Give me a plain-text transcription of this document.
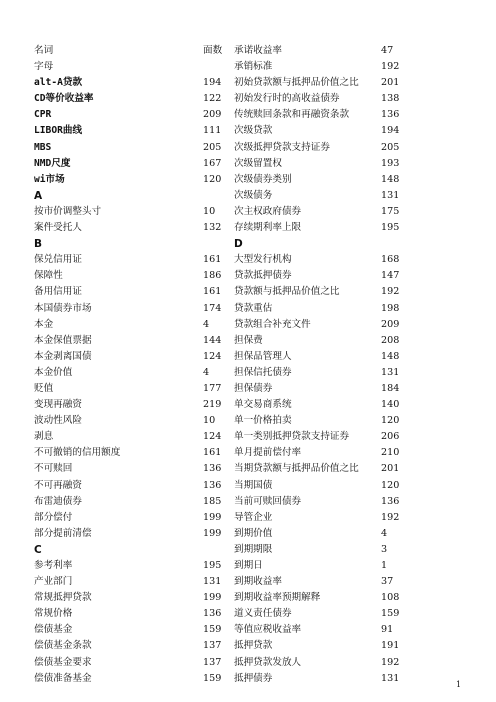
名词	面数
字母
alt-A贷款	194
CD等价收益率	122
CPR	209
LIBOR曲线	111
MBS	205
NMD尺度	167
wi市场	120
A
按市价调整头寸	10
案件受托人	132
B
保兑信用证	161
保障性	186
备用信用证	161
本国债券市场	174
本金	4
本金保值票据	144
本金剥离国债	124
本金价值	4
贬值	177
变现再融资	219
波动性风险	10
剥息	124
不可撤销的信用额度	161
不可赎回	136
不可再融资	136
布雷迪债券	185
部分偿付	199
部分提前清偿	199
C
参考利率	195
产业部门	131
常规抵押贷款	199
常规价格	136
偿债基金	159
偿债基金条款	137
偿债基金要求	137
偿债准备基金	159
承诺收益率	47
承销标准	192
初始贷款额与抵押品价值之比 201
初始发行时的高收益债券	138
传统赎回条款和再融资条款	136
次级贷款	194
次级抵押贷款支持证券	205
次级留置权	193
次级债券类别	148
次级债务	131
次主权政府债券	175
存续期利率上限	195
D
大型发行机构	168
贷款抵押债券	147
贷款额与抵押品价值之比	192
贷款重估	198
贷款组合补充文件	209
担保费	208
担保品管理人	148
担保信托债券	131
担保债券	184
单交易商系统	140
单一价格拍卖	120
单一类别抵押贷款支持证券	206
单月提前偿付率	210
当期贷款额与抵押品价值之比 201
当期国债	120
当前可赎回债券	136
导管企业	192
到期价值	4
到期期限	3
到期日	1
到期收益率	37
到期收益率预期解释	108
道义责任债券	159
等值应税收益率	91
抵押贷款	191
抵押贷款发放人	192
抵押债券	131
1
